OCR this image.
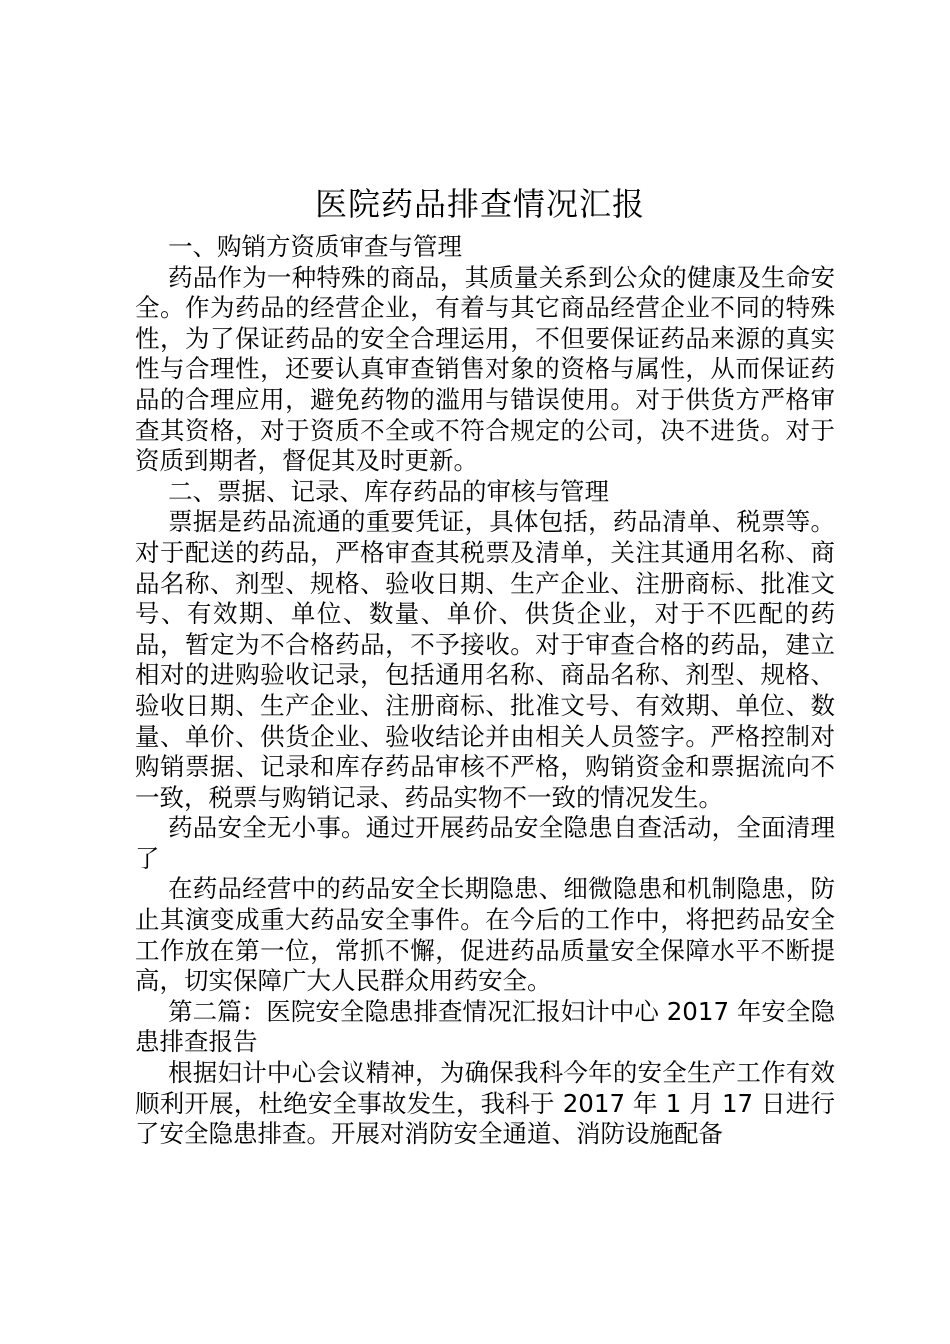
医院药品排查情况汇报

一、购销方资质审查与管理

药品作为一种特殊的商品，其质量关系到公众的健康及生命安全。作为药品的经营企业，有着与其它商品经营企业不同的特殊性，为了保证药品的安全合理运用，不但要保证药品来源的真实性与合理性，还要认真审查销售对象的资格与属性，从而保证药品的合理应用，避免药物的滥用与错误使用。对于供货方严格审查其资格，对于资质不全或不符合规定的公司，决不进货。对于资质到期者，督促其及时更新。

二、票据、记录、库存药品的审核与管理

票据是药品流通的重要凭证，具体包括，药品清单、税票等。对于配送的药品，严格审查其税票及清单，关注其通用名称、商品名称、剂型、规格、验收日期、生产企业、注册商标、批准文号、有效期、单位、数量、单价、供货企业，对于不匹配的药品，暂定为不合格药品，不予接收。对于审查合格的药品，建立相对的进购验收记录，包括通用名称、商品名称、剂型、规格、验收日期、生产企业、注册商标、批准文号、有效期、单位、数量、单价、供货企业、验收结论并由相关人员签字。严格控制对购销票据、记录和库存药品审核不严格，购销资金和票据流向不一致，税票与购销记录、药品实物不一致的情况发生。

药品安全无小事。通过开展药品安全隐患自查活动，全面清理了

在药品经营中的药品安全长期隐患、细微隐患和机制隐患，防止其演变成重大药品安全事件。在今后的工作中，将把药品安全工作放在第一位，常抓不懈，促进药品质量安全保障水平不断提高，切实保障广大人民群众用药安全。

第二篇：医院安全隐患排查情况汇报妇计中心 2017 年安全隐患排查报告

根据妇计中心会议精神，为确保我科今年的安全生产工作有效顺利开展，杜绝安全事故发生，我科于 2017 年 1 月 17 日进行了安全隐患排查。开展对消防安全通道、消防设施配备
